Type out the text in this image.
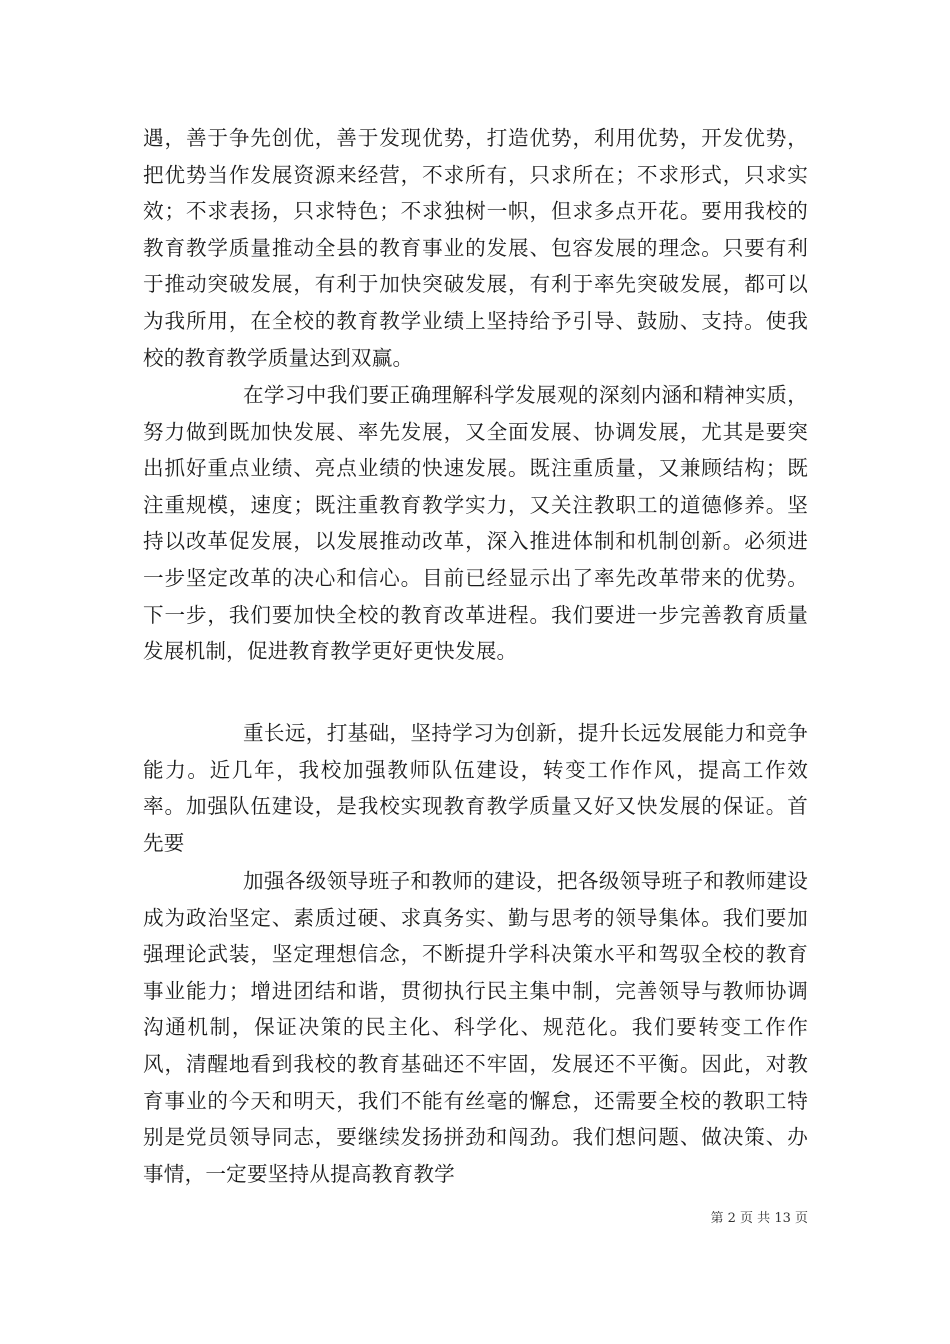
遇，善于争先创优，善于发现优势，打造优势，利用优势，开发优势，把优势当作发展资源来经营，不求所有，只求所在；不求形式，只求实效；不求表扬，只求特色；不求独树一帜，但求多点开花。要用我校的教育教学质量推动全县的教育事业的发展、包容发展的理念。只要有利于推动突破发展，有利于加快突破发展，有利于率先突破发展，都可以为我所用，在全校的教育教学业绩上坚持给予引导、鼓励、支持。使我校的教育教学质量达到双赢。

在学习中我们要正确理解科学发展观的深刻内涵和精神实质，努力做到既加快发展、率先发展，又全面发展、协调发展，尤其是要突出抓好重点业绩、亮点业绩的快速发展。既注重质量，又兼顾结构；既注重规模，速度；既注重教育教学实力，又关注教职工的道德修养。坚持以改革促发展，以发展推动改革，深入推进体制和机制创新。必须进一步坚定改革的决心和信心。目前已经显示出了率先改革带来的优势。下一步，我们要加快全校的教育改革进程。我们要进一步完善教育质量发展机制，促进教育教学更好更快发展。

重长远，打基础，坚持学习为创新，提升长远发展能力和竞争能力。近几年，我校加强教师队伍建设，转变工作作风，提高工作效率。加强队伍建设，是我校实现教育教学质量又好又快发展的保证。首先要

加强各级领导班子和教师的建设，把各级领导班子和教师建设成为政治坚定、素质过硬、求真务实、勤与思考的领导集体。我们要加强理论武装，坚定理想信念，不断提升学科决策水平和驾驭全校的教育事业能力；增进团结和谐，贯彻执行民主集中制，完善领导与教师协调沟通机制，保证决策的民主化、科学化、规范化。我们要转变工作作风，清醒地看到我校的教育基础还不牢固，发展还不平衡。因此，对教育事业的今天和明天，我们不能有丝毫的懈怠，还需要全校的教职工特别是党员领导同志，要继续发扬拼劲和闯劲。我们想问题、做决策、办事情，一定要坚持从提高教育教学

第 2 页 共 13 页
